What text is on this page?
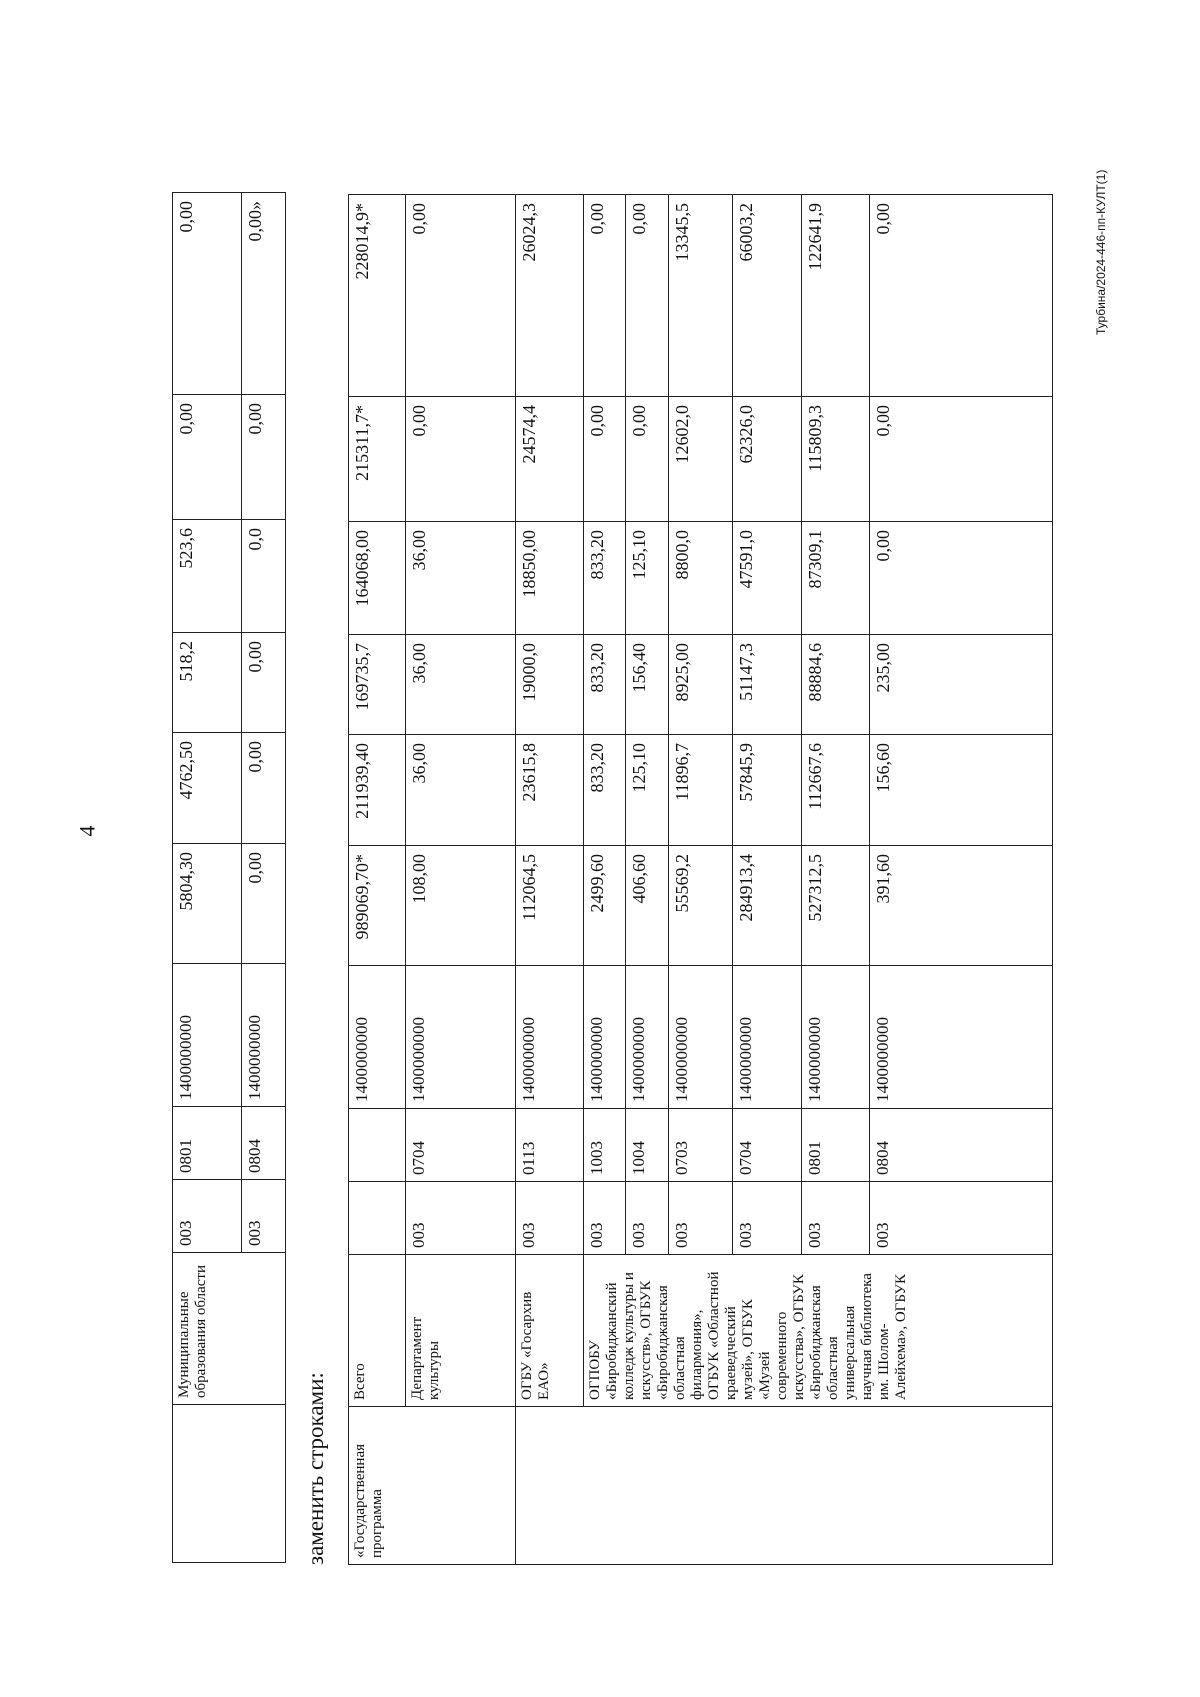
4
Турбина/2024-446-пп-КУЛТ(1)
	Муниципальные образования области	003	0801	1400000000	5804,30	4762,50	518,2	523,6	0,00	0,00
		003	0804	1400000000	0,00	0,00	0,00	0,0	0,00	0,00»
заменить строками: «Государственная программа	Всего			1400000000	989069,70*	211939,40	169735,7	164068,00	215311,7*	228014,9*
	Департамент культуры	003	0704	1400000000	108,00	36,00	36,00	36,00	0,00	0,00
	ОГБУ «Госархив ЕАО»	003	0113	1400000000	112064,5	23615,8	19000,0	18850,00	24574,4	26024,3
	ОГПОБУ «Биробиджанский колледж культуры и искусств», ОГБУК «Биробиджанская областная филармония», ОГБУК «Областной краеведческий музей», ОГБУК «Музей современного искусства», ОГБУК «Биробиджанская областная универсальная научная библиотека им. Шолом-Алейхема», ОГБУК	003	1003	1400000000	2499,60	833,20	833,20	833,20	0,00	0,00
		003	1004	1400000000	406,60	125,10	156,40	125,10	0,00	0,00
		003	0703	1400000000	55569,2	11896,7	8925,00	8800,0	12602,0	13345,5
		003	0704	1400000000	284913,4	57845,9	51147,3	47591,0	62326,0	66003,2
		003	0801	1400000000	527312,5	112667,6	88884,6	87309,1	115809,3	122641,9
		003	0804	1400000000	391,60	156,60	235,00	0,00	0,00	0,00
